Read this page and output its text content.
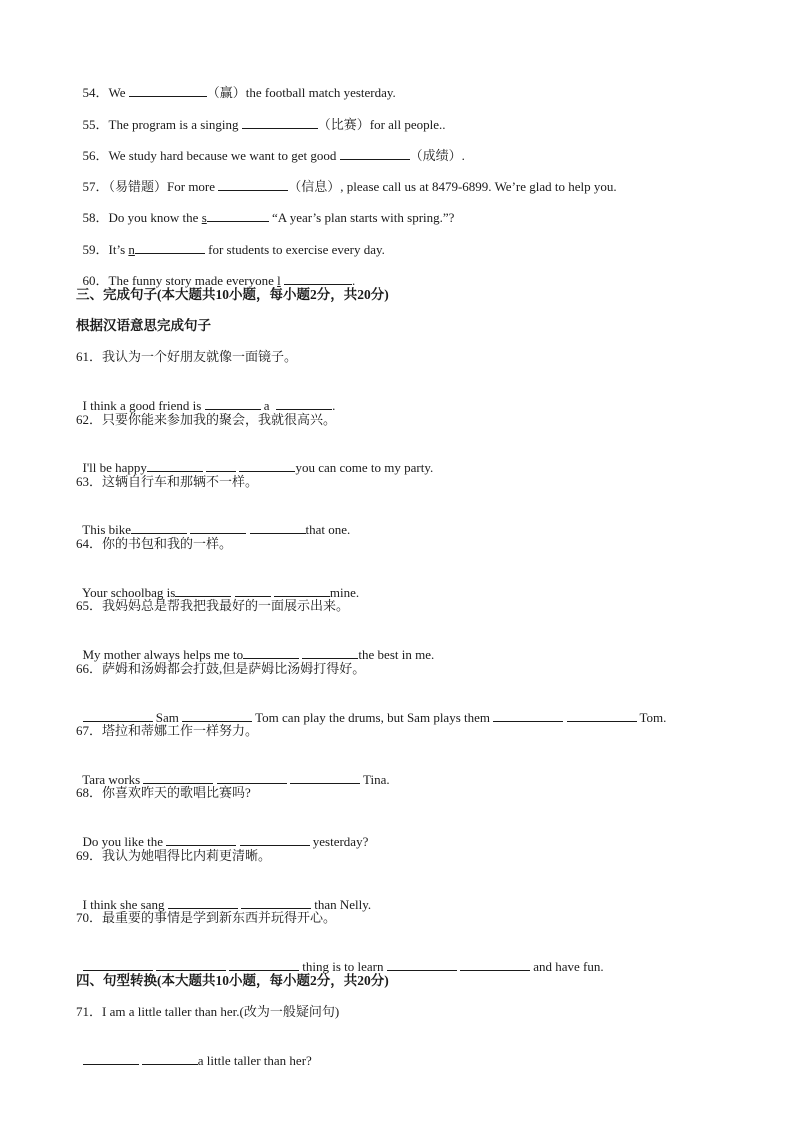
54．We	（赢）the football match yesterday.

55．The program is a singing	（比赛）for all people..

56．We study hard because we want to get good	（成绩）.

57．（易错题）For more	（信息）, please call us at 8479-6899. We’re glad to help you.

58．Do you know the s	“A year’s plan starts with spring.”?

59．It’s n	for students to exercise every day.

60．The funny story made everyone l	.

三、完成句子(本大题共10小题，每小题2分，共20分)
根据汉语意思完成句子
61．我认为一个好朋友就像一面镜子。

I think a good friend is	a	.

62．只要你能来参加我的聚会，我就很高兴。

I'll be happy	you can come to my party.

63．这辆自行车和那辆不一样。

This bike	that one.

64．你的书包和我的一样。

Your schoolbag is	mine.

65．我妈妈总是帮我把我最好的一面展示出来。

My mother always helps me to	the best in me.

66．萨姆和汤姆都会打鼓,但是萨姆比汤姆打得好。

Sam	Tom can play the drums, but Sam plays them	Tom.

67．塔拉和蒂娜工作一样努力。

Tara works	Tina.

68．你喜欢昨天的歌唱比赛吗?

Do you like the	yesterday?

69．我认为她唱得比内莉更清晰。

I think she sang	than Nelly.

70．最重要的事情是学到新东西并玩得开心。

thing is to learn	and have fun.

四、句型转换(本大题共10小题，每小题2分，共20分)
71．I am a little taller than her.(改为一般疑问句)

a little taller than her?
